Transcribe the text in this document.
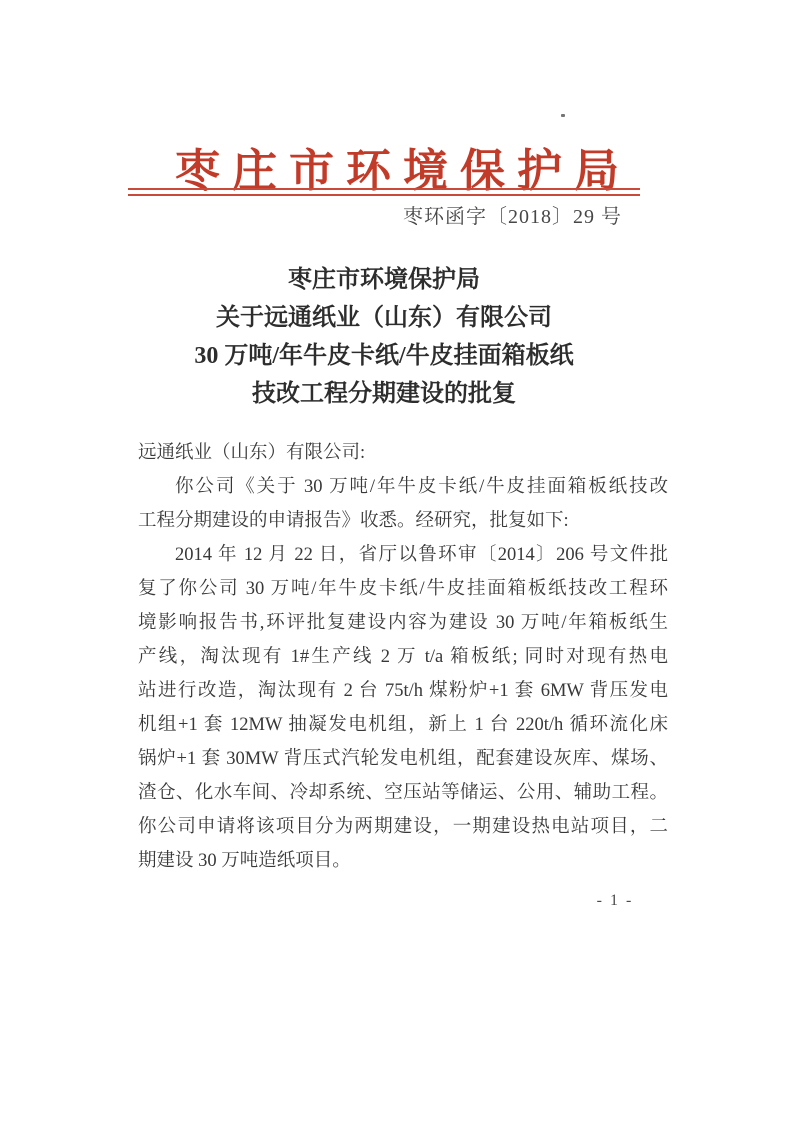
枣庄市环境保护局
枣环函字〔2018〕29 号
枣庄市环境保护局
关于远通纸业（山东）有限公司
30 万吨/年牛皮卡纸/牛皮挂面箱板纸
技改工程分期建设的批复
远通纸业（山东）有限公司:
你公司《关于 30 万吨/年牛皮卡纸/牛皮挂面箱板纸技改
工程分期建设的申请报告》收悉。经研究，批复如下:
2014 年 12 月 22 日，省厅以鲁环审〔2014〕206 号文件批
复了你公司 30 万吨/年牛皮卡纸/牛皮挂面箱板纸技改工程环
境影响报告书,环评批复建设内容为建设 30 万吨/年箱板纸生
产线，淘汰现有 1#生产线 2 万 t/a 箱板纸; 同时对现有热电
站进行改造，淘汰现有 2 台 75t/h 煤粉炉+1 套 6MW 背压发电
机组+1 套 12MW 抽凝发电机组，新上 1 台 220t/h 循环流化床
锅炉+1 套 30MW 背压式汽轮发电机组，配套建设灰库、煤场、
渣仓、化水车间、冷却系统、空压站等储运、公用、辅助工程。
你公司申请将该项目分为两期建设，一期建设热电站项目，二
期建设 30 万吨造纸项目。
- 1 -
